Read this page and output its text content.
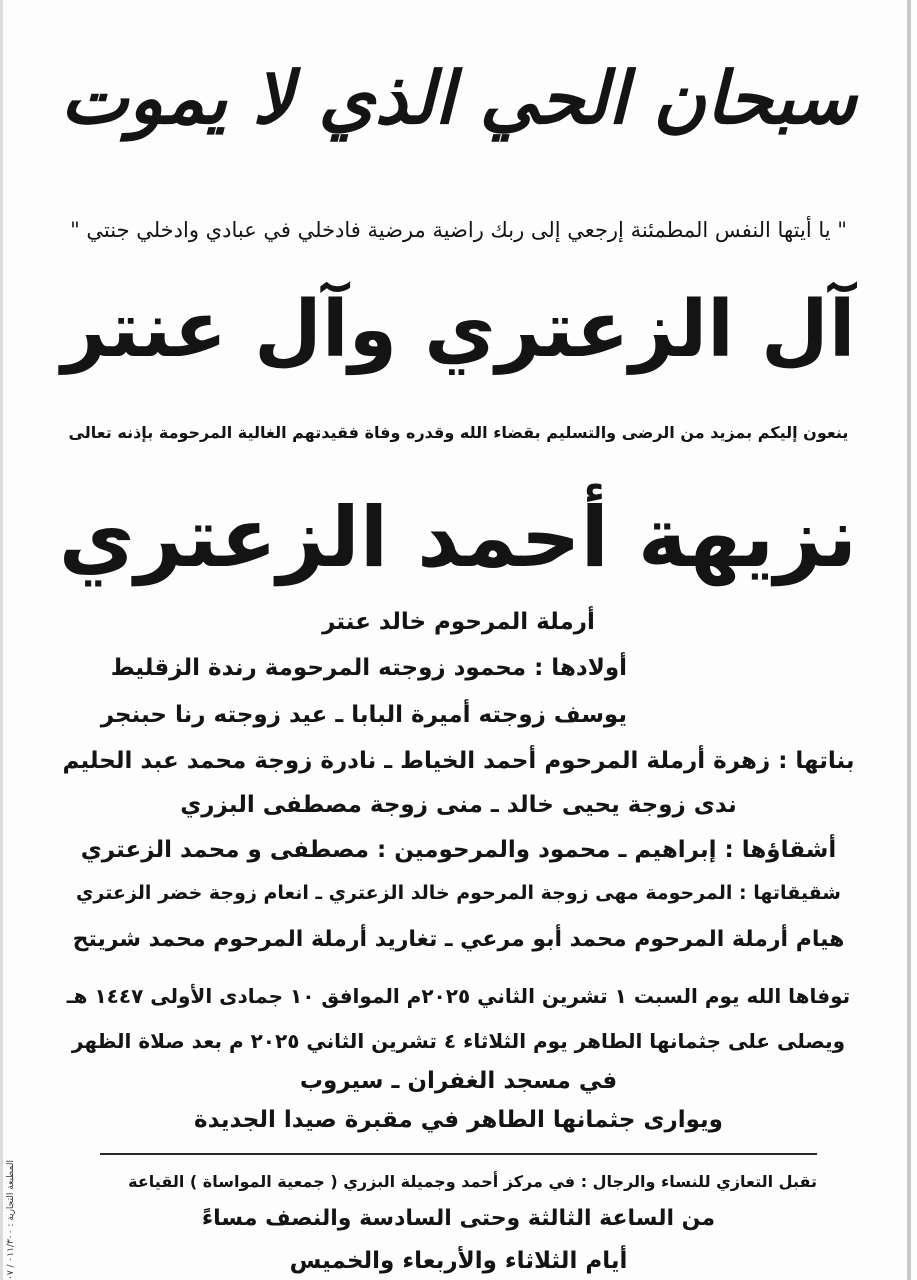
سبحان الحي الذي لا يموت
" يا أيتها النفس المطمئنة إرجعي إلى ربك راضية مرضية فادخلي في عبادي وادخلي جنتي "
آل الزعتري وآل عنتر
ينعون إليكم بمزيد من الرضى والتسليم بقضاء الله وقدره وفاة فقيدتهم الغالية المرحومة بإذنه تعالى
نزيهة أحمد الزعتري
أرملة المرحوم خالد عنتر
أولادها : محمود زوجته المرحومة رندة الزقليط
يوسف زوجته أميرة البابا ـ عيد زوجته رنا حبنجر
بناتها : زهرة أرملة المرحوم أحمد الخياط ـ نادرة زوجة محمد عبد الحليم
ندى زوجة يحيى خالد ـ منى زوجة مصطفى البزري
أشقاؤها : إبراهيم ـ محمود والمرحومين : مصطفى و محمد الزعتري
شقيقاتها : المرحومة مهى زوجة المرحوم خالد الزعتري ـ انعام زوجة خضر الزعتري
هيام أرملة المرحوم محمد أبو مرعي ـ تغاريد أرملة المرحوم محمد شريتح
توفاها الله يوم السبت ١ تشرين الثاني ٢٠٢٥م الموافق ١٠ جمادى الأولى ١٤٤٧ هـ
ويصلى على جثمانها الطاهر يوم الثلاثاء ٤ تشرين الثاني ٢٠٢٥ م بعد صلاة الظهر
في مسجد الغفران ـ سيروب
ويوارى جثمانها الطاهر في مقبرة صيدا الجديدة
تقبل التعازي للنساء والرجال : في مركز أحمد وجميلة البزري ( جمعية المواساة ) القياعة
من الساعة الثالثة وحتى السادسة والنصف مساءً
أيام الثلاثاء والأربعاء والخميس
المطبعة التجارية : ٠١١/٣٠٠ / ٠٧
